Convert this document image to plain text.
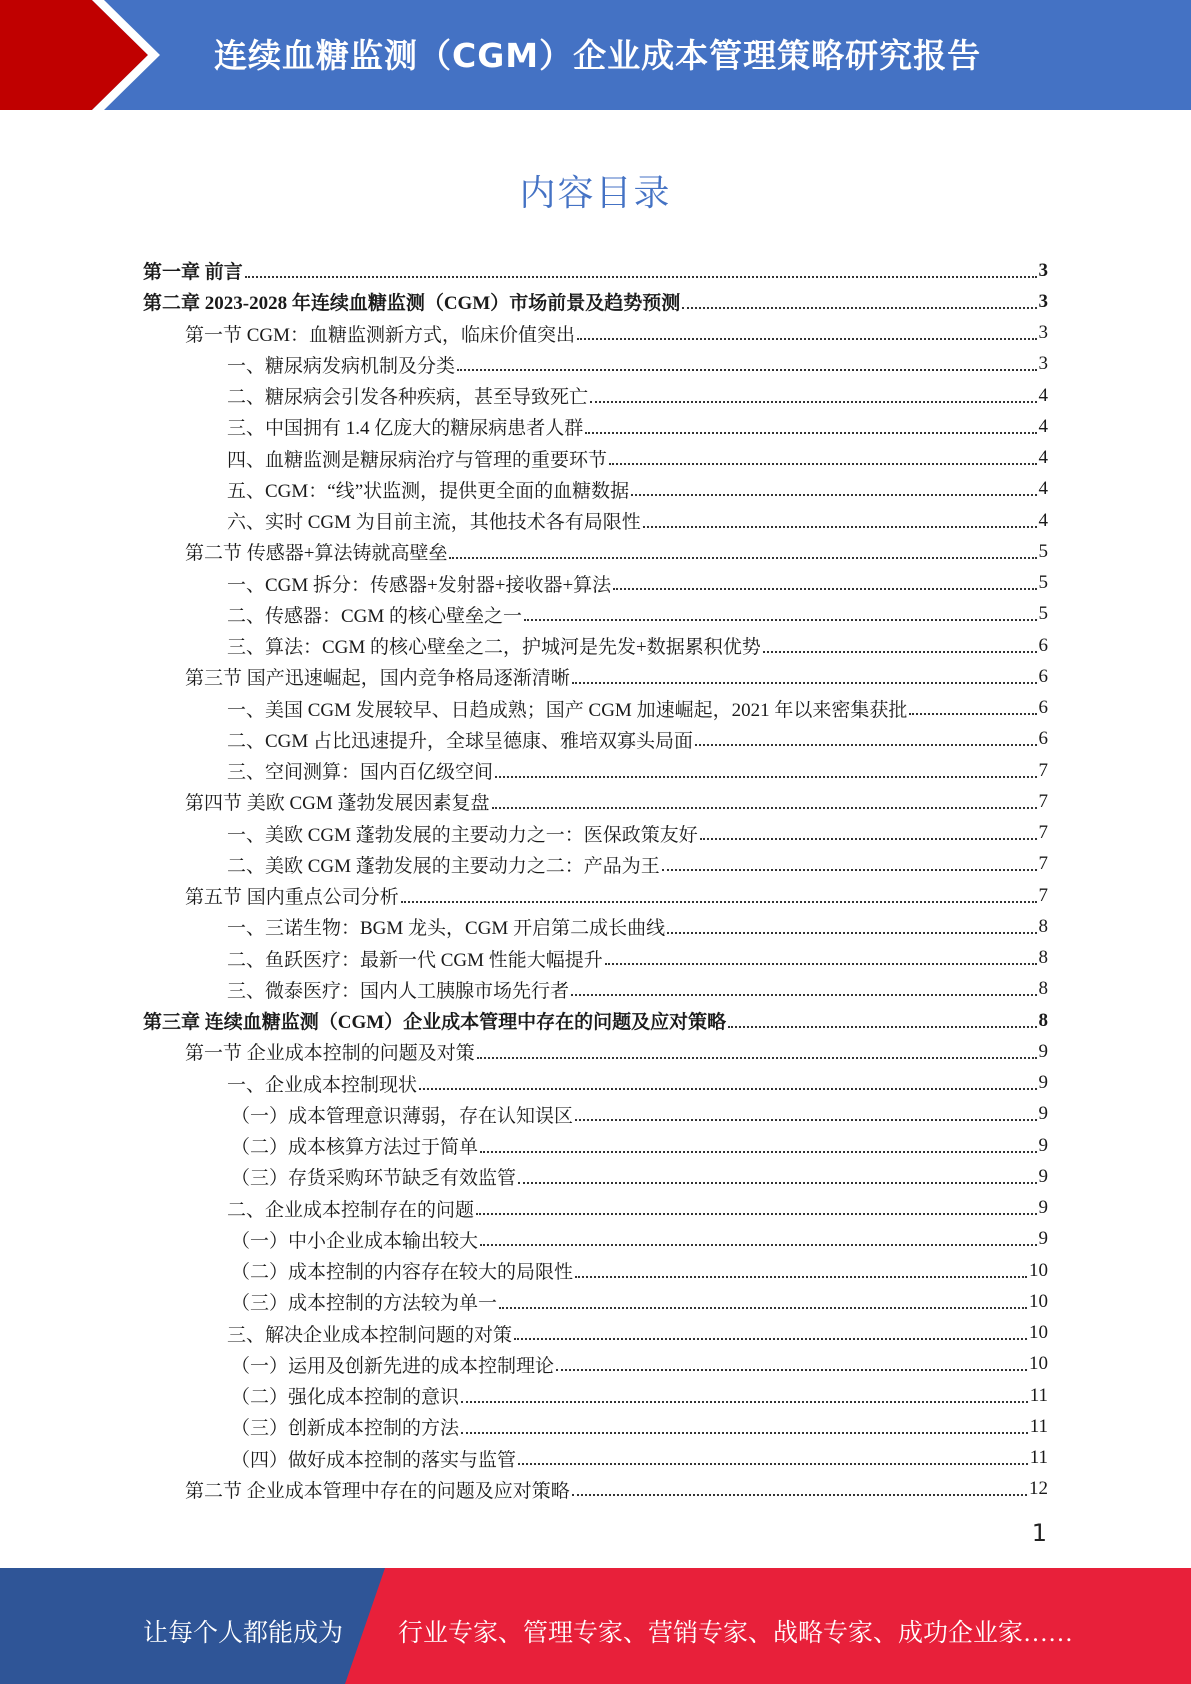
连续血糖监测（CGM）企业成本管理策略研究报告
内容目录
第一章 前言	3
第二章 2023-2028 年连续血糖监测（CGM）市场前景及趋势预测	3
第一节 CGM：血糖监测新方式，临床价值突出	3
一、糖尿病发病机制及分类	3
二、糖尿病会引发各种疾病，甚至导致死亡	4
三、中国拥有 1.4 亿庞大的糖尿病患者人群	4
四、血糖监测是糖尿病治疗与管理的重要环节	4
五、CGM：“线”状监测，提供更全面的血糖数据	4
六、实时 CGM 为目前主流，其他技术各有局限性	4
第二节 传感器+算法铸就高壁垒	5
一、CGM 拆分：传感器+发射器+接收器+算法	5
二、传感器：CGM 的核心壁垒之一	5
三、算法：CGM 的核心壁垒之二，护城河是先发+数据累积优势	6
第三节 国产迅速崛起，国内竞争格局逐渐清晰	6
一、美国 CGM 发展较早、日趋成熟；国产 CGM 加速崛起，2021 年以来密集获批	6
二、CGM 占比迅速提升，全球呈德康、雅培双寡头局面	6
三、空间测算：国内百亿级空间	7
第四节 美欧 CGM 蓬勃发展因素复盘	7
一、美欧 CGM 蓬勃发展的主要动力之一：医保政策友好	7
二、美欧 CGM 蓬勃发展的主要动力之二：产品为王	7
第五节 国内重点公司分析	7
一、三诺生物：BGM 龙头，CGM 开启第二成长曲线	8
二、鱼跃医疗：最新一代 CGM 性能大幅提升	8
三、微泰医疗：国内人工胰腺市场先行者	8
第三章 连续血糖监测（CGM）企业成本管理中存在的问题及应对策略	8
第一节 企业成本控制的问题及对策	9
一、企业成本控制现状	9
（一）成本管理意识薄弱，存在认知误区	9
（二）成本核算方法过于简单	9
（三）存货采购环节缺乏有效监管	9
二、企业成本控制存在的问题	9
（一）中小企业成本输出较大	9
（二）成本控制的内容存在较大的局限性	10
（三）成本控制的方法较为单一	10
三、解决企业成本控制问题的对策	10
（一）运用及创新先进的成本控制理论	10
（二）强化成本控制的意识	11
（三）创新成本控制的方法	11
（四）做好成本控制的落实与监管	11
第二节 企业成本管理中存在的问题及应对策略	12
1
让每个人都能成为 行业专家、管理专家、营销专家、战略专家、成功企业家……
